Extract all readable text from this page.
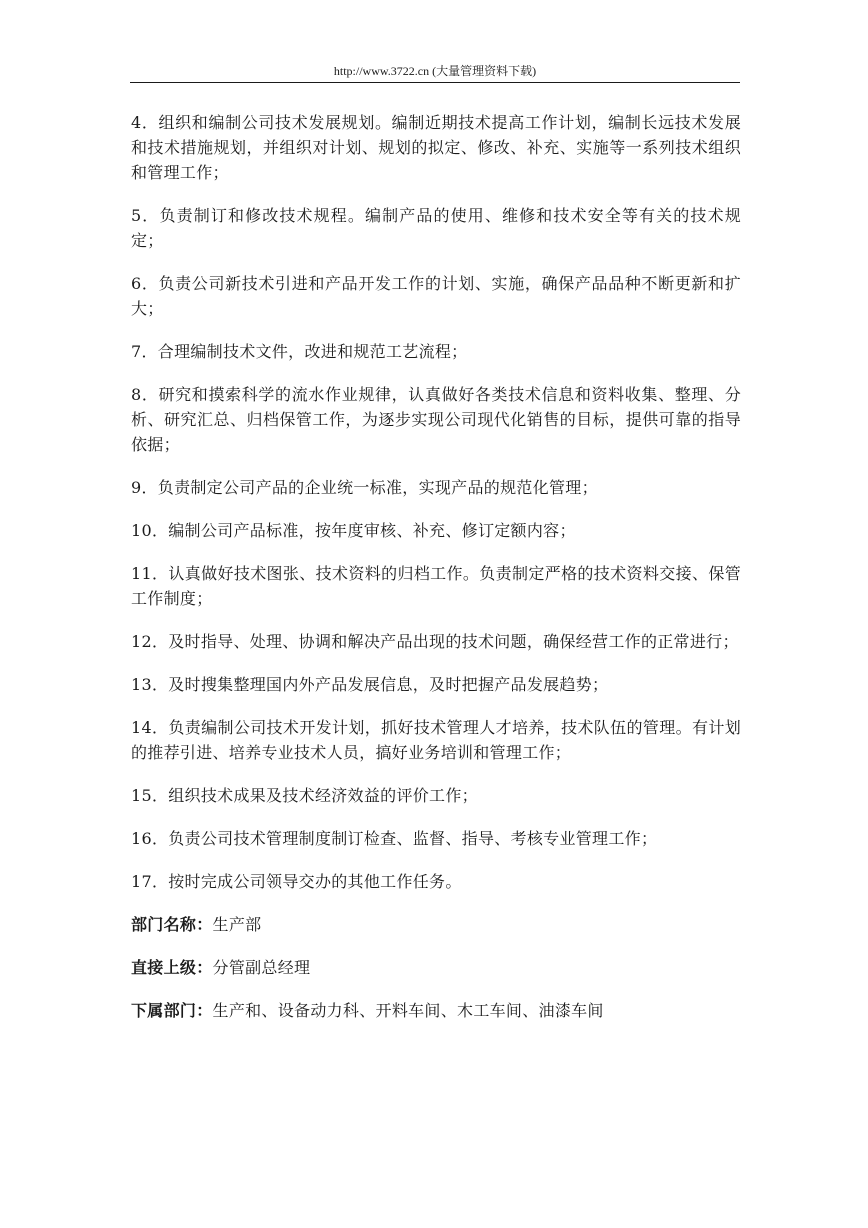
http://www.3722.cn (大量管理资料下载)

4．组织和编制公司技术发展规划。编制近期技术提高工作计划，编制长远技术发展和技术措施规划，并组织对计划、规划的拟定、修改、补充、实施等一系列技术组织和管理工作；

5．负责制订和修改技术规程。编制产品的使用、维修和技术安全等有关的技术规定；

6．负责公司新技术引进和产品开发工作的计划、实施，确保产品品种不断更新和扩大；

7．合理编制技术文件，改进和规范工艺流程；

8．研究和摸索科学的流水作业规律，认真做好各类技术信息和资料收集、整理、分析、研究汇总、归档保管工作，为逐步实现公司现代化销售的目标，提供可靠的指导依据；

9．负责制定公司产品的企业统一标准，实现产品的规范化管理；

10．编制公司产品标准，按年度审核、补充、修订定额内容；

11．认真做好技术图张、技术资料的归档工作。负责制定严格的技术资料交接、保管工作制度；

12．及时指导、处理、协调和解决产品出现的技术问题，确保经营工作的正常进行；

13．及时搜集整理国内外产品发展信息，及时把握产品发展趋势；

14．负责编制公司技术开发计划，抓好技术管理人才培养，技术队伍的管理。有计划的推荐引进、培养专业技术人员，搞好业务培训和管理工作；

15．组织技术成果及技术经济效益的评价工作；

16．负责公司技术管理制度制订检查、监督、指导、考核专业管理工作；

17．按时完成公司领导交办的其他工作任务。

部门名称：生产部

直接上级：分管副总经理

下属部门：生产和、设备动力科、开料车间、木工车间、油漆车间
